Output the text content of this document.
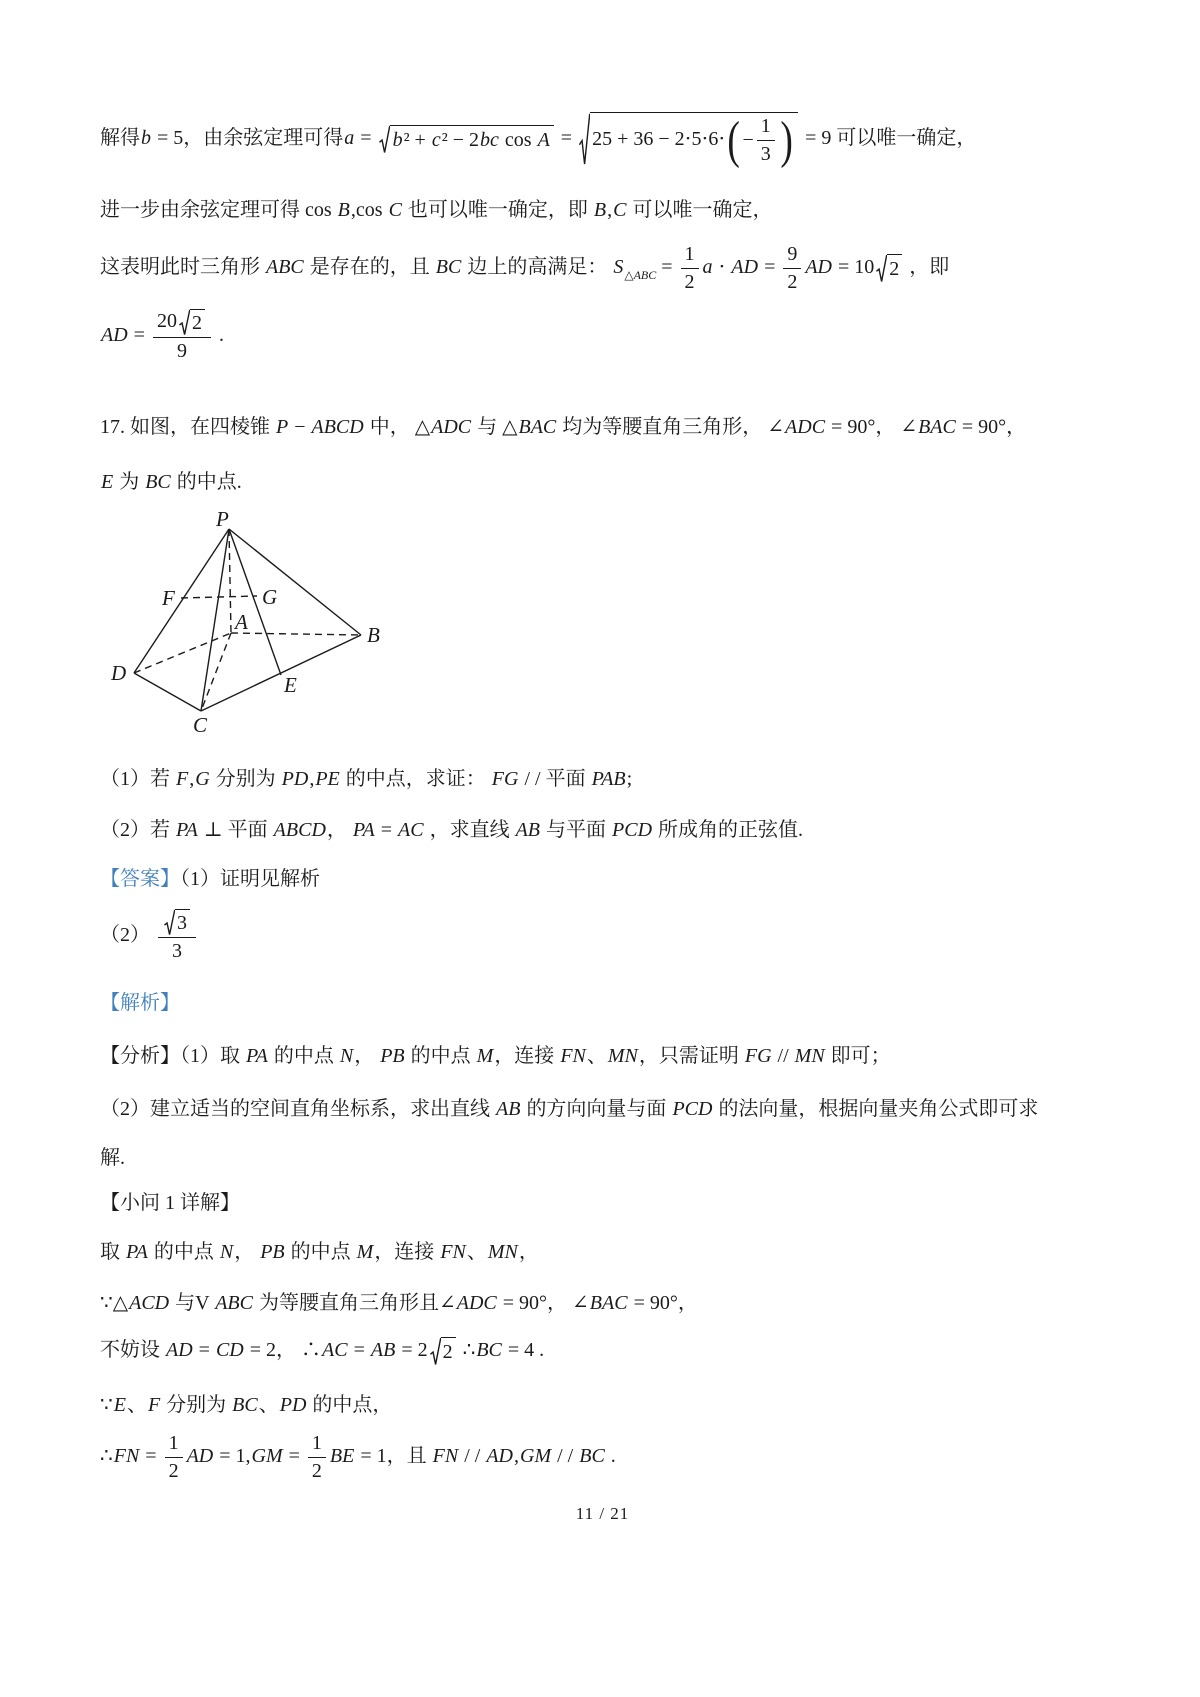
解得b = 5，由余弦定理可得a = b² + c² − 2bc cos A = 25 + 36 − 2⋅5⋅6⋅ ( − $\frac{1}{3}$ ) = 9 可以唯一确定，
进一步由余弦定理可得 cos B,cos C 也可以唯一确定，即 B,C 可以唯一确定，
这表明此时三角形 ABC 是存在的，且 BC 边上的高满足： $S_{\triangle ABC} = \frac{1}{2}$ a ⋅ AD = $\frac{9}{2}$ AD = 10 2 ，即
AD = $\frac{20 2}{9}$ .
17. 如图，在四棱锥 P − ABCD 中， △ADC 与 △BAC 均为等腰直角三角形， ∠ADC = 90°， ∠BAC = 90°，
E 为 BC 的中点.
P
F	G
A
B
D	E
C
（1）若 F,G 分别为 PD,PE 的中点，求证： FG / / 平面 PAB;
（2）若 PA ⊥ 平面 ABCD， PA = AC ，求直线 AB 与平面 PCD 所成角的正弦值.
【答案】（1）证明见解析
$(2) \frac{3}{3}$
【解析】
【分析】（1）取 PA 的中点 N， PB 的中点 M，连接 FN、MN，只需证明 FG // MN 即可；
（2）建立适当的空间直角坐标系，求出直线 AB 的方向向量与面 PCD 的法向量，根据向量夹角公式即可求
解.
【小问 1 详解】
取 PA 的中点 N， PB 的中点 M，连接 FN、MN，
∵△ACD 与V ABC 为等腰直角三角形且∠ADC = 90°， ∠BAC = 90°，
不妨设 AD = CD = 2， ∴AC = AB = 2 2 ∴BC = 4 .
∵E、F 分别为 BC、PD 的中点，
∴FN = $\frac{1}{2}$ AD = $1,GM = \frac{1}{2}$ BE = 1，且 FN / / AD,GM / / BC .
11 / 21
